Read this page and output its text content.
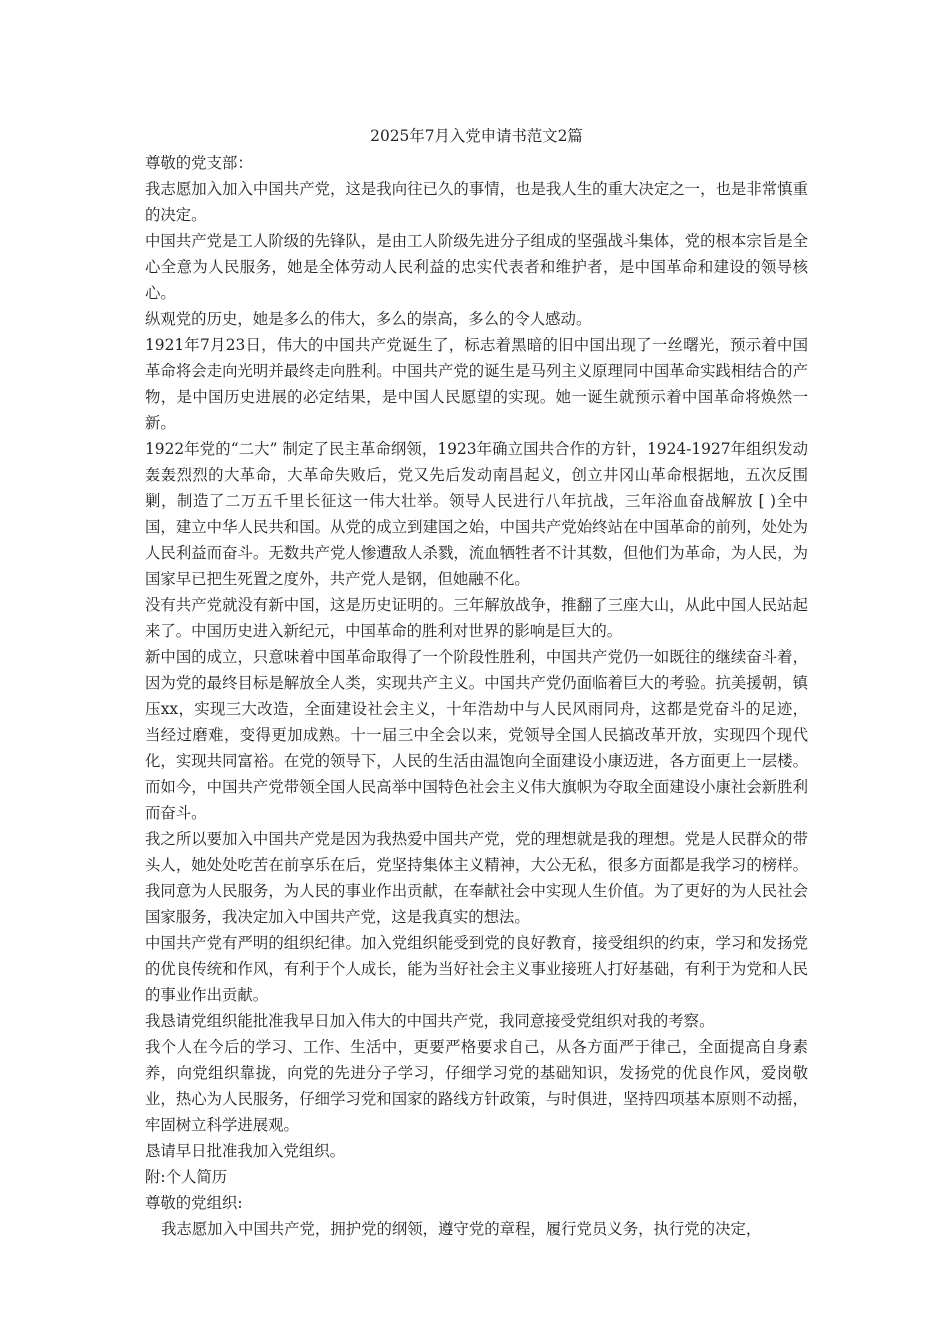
2025年7月入党申请书范文2篇

尊敬的党支部：

我志愿加入加入中国共产党，这是我向往已久的事情，也是我人生的重大决定之一，也是非常慎重的决定。

中国共产党是工人阶级的先锋队，是由工人阶级先进分子组成的坚强战斗集体，党的根本宗旨是全心全意为人民服务，她是全体劳动人民利益的忠实代表者和维护者，是中国革命和建设的领导核心。

纵观党的历史，她是多么的伟大，多么的崇高，多么的令人感动。

1921年7月23日，伟大的中国共产党诞生了，标志着黑暗的旧中国出现了一丝曙光，预示着中国革命将会走向光明并最终走向胜利。中国共产党的诞生是马列主义原理同中国革命实践相结合的产物，是中国历史进展的必定结果，是中国人民愿望的实现。她一诞生就预示着中国革命将焕然一新。

1922年党的“二大” 制定了民主革命纲领，1923年确立国共合作的方针，1924-1927年组织发动轰轰烈烈的大革命，大革命失败后，党又先后发动南昌起义，创立井冈山革命根据地，五次反围剿，制造了二万五千里长征这一伟大壮举。领导人民进行八年抗战，三年浴血奋战解放 [ )全中国，建立中华人民共和国。从党的成立到建国之始，中国共产党始终站在中国革命的前列，处处为人民利益而奋斗。无数共产党人惨遭敌人杀戮，流血牺牲者不计其数，但他们为革命，为人民，为国家早已把生死置之度外，共产党人是钢，但她融不化。

没有共产党就没有新中国，这是历史证明的。三年解放战争，推翻了三座大山，从此中国人民站起来了。中国历史进入新纪元，中国革命的胜利对世界的影响是巨大的。

新中国的成立，只意味着中国革命取得了一个阶段性胜利，中国共产党仍一如既往的继续奋斗着，因为党的最终目标是解放全人类，实现共产主义。中国共产党仍面临着巨大的考验。抗美援朝，镇压xx，实现三大改造，全面建设社会主义，十年浩劫中与人民风雨同舟，这都是党奋斗的足迹，当经过磨难，变得更加成熟。十一届三中全会以来，党领导全国人民搞改革开放，实现四个现代化，实现共同富裕。在党的领导下，人民的生活由温饱向全面建设小康迈进，各方面更上一层楼。而如今，中国共产党带领全国人民高举中国特色社会主义伟大旗帜为夺取全面建设小康社会新胜利而奋斗。

我之所以要加入中国共产党是因为我热爱中国共产党，党的理想就是我的理想。党是人民群众的带头人，她处处吃苦在前享乐在后，党坚持集体主义精神，大公无私，很多方面都是我学习的榜样。我同意为人民服务，为人民的事业作出贡献，在奉献社会中实现人生价值。为了更好的为人民社会国家服务，我决定加入中国共产党，这是我真实的想法。

中国共产党有严明的组织纪律。加入党组织能受到党的良好教育，接受组织的约束，学习和发扬党的优良传统和作风，有利于个人成长，能为当好社会主义事业接班人打好基础，有利于为党和人民的事业作出贡献。

我恳请党组织能批准我早日加入伟大的中国共产党，我同意接受党组织对我的考察。

我个人在今后的学习、工作、生活中，更要严格要求自己，从各方面严于律己，全面提高自身素养，向党组织靠拢，向党的先进分子学习，仔细学习党的基础知识，发扬党的优良作风，爱岗敬业，热心为人民服务，仔细学习党和国家的路线方针政策，与时俱进，坚持四项基本原则不动摇，牢固树立科学进展观。

恳请早日批准我加入党组织。

附:个人简历

尊敬的党组织:

我志愿加入中国共产党，拥护党的纲领，遵守党的章程，履行党员义务，执行党的决定，
